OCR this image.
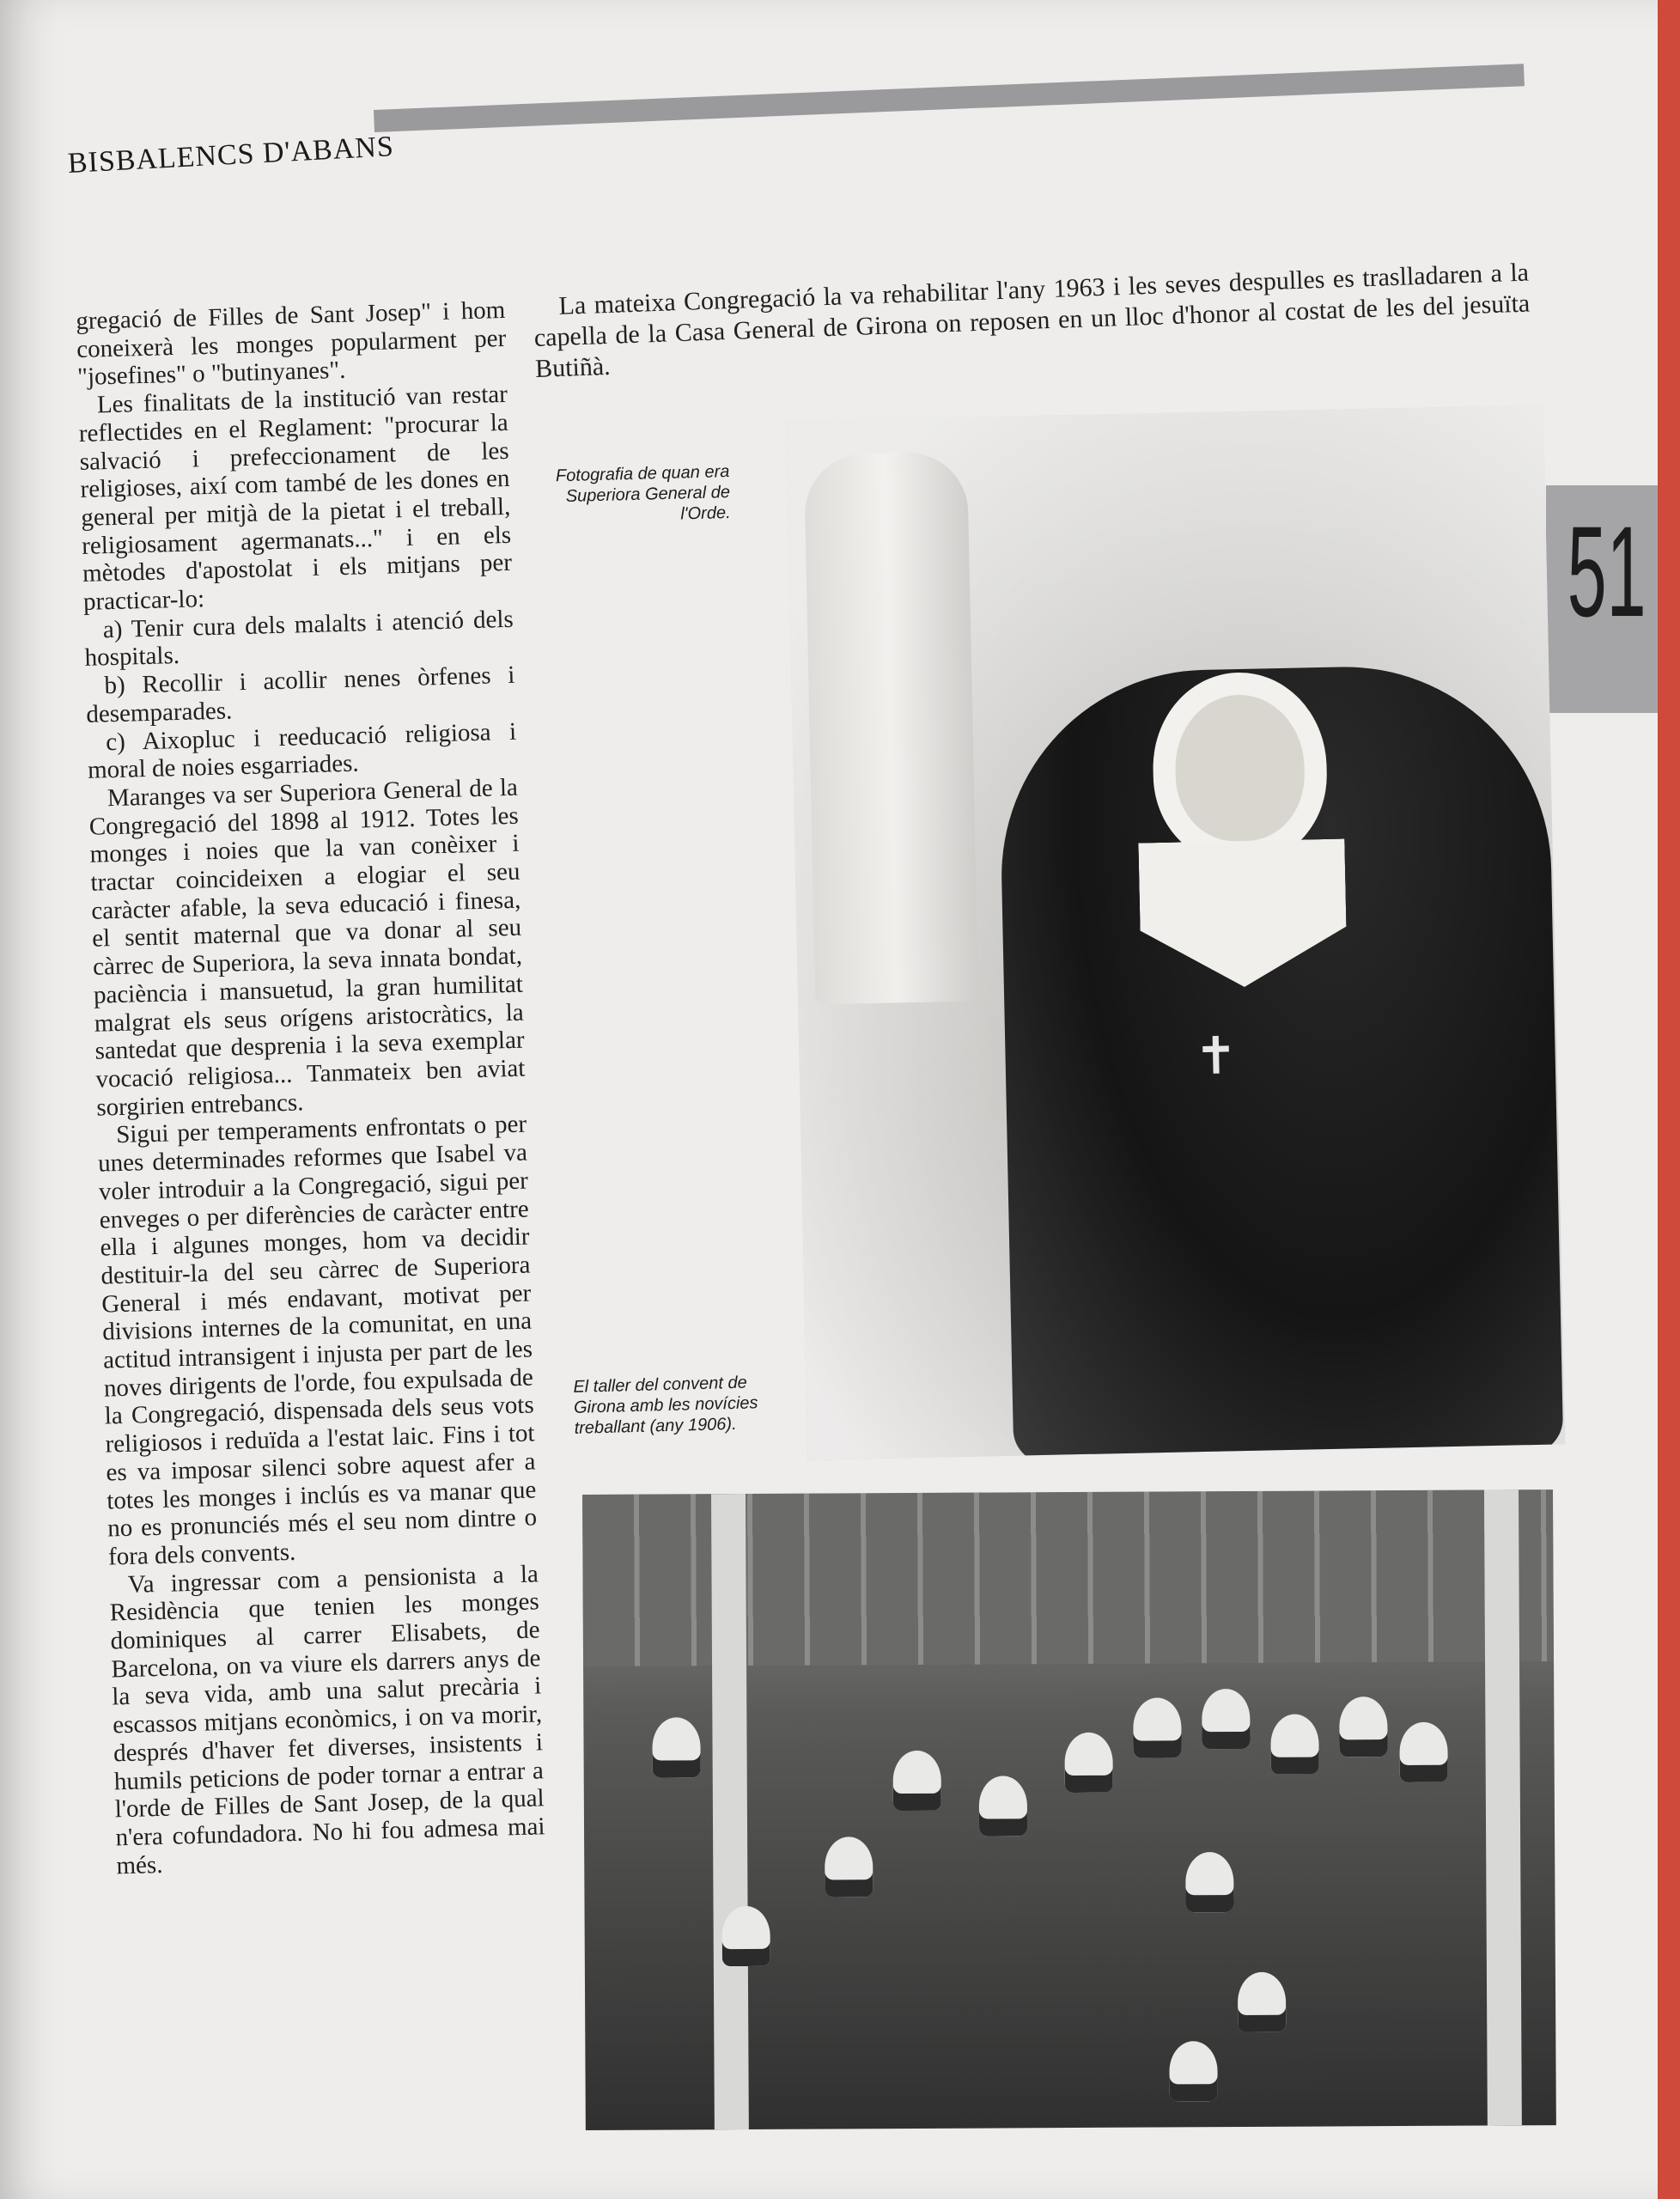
BISBALENCS D'ABANS
51
La mateixa Congregació la va rehabilitar l'any 1963 i les seves despulles es traslladaren a la capella de la Casa General de Girona on reposen en un lloc d'honor al costat de les del jesuïta Butiñà.

gregació de Filles de Sant Josep" i hom coneixerà les monges popularment per "josefines" o "butinyanes".

Les finalitats de la institució van restar reflectides en el Reglament: "procurar la salvació i prefeccionament de les religioses, així com també de les dones en general per mitjà de la pietat i el treball, religiosament agermanats..." i en els mètodes d'apostolat i els mitjans per practicar-lo:

a) Tenir cura dels malalts i atenció dels hospitals.

b) Recollir i acollir nenes òrfenes i desemparades.

c) Aixopluc i reeducació religiosa i moral de noies esgarriades.

Maranges va ser Superiora General de la Congregació del 1898 al 1912. Totes les monges i noies que la van conèixer i tractar coincideixen a elogiar el seu caràcter afable, la seva educació i finesa, el sentit maternal que va donar al seu càrrec de Superiora, la seva innata bondat, paciència i mansuetud, la gran humilitat malgrat els seus orígens aristocràtics, la santedat que desprenia i la seva exemplar vocació religiosa... Tanmateix ben aviat sorgirien entrebancs.

Sigui per temperaments enfrontats o per unes determinades reformes que Isabel va voler introduir a la Congregació, sigui per enveges o per diferències de caràcter entre ella i algunes monges, hom va decidir destituir-la del seu càrrec de Superiora General i més endavant, motivat per divisions internes de la comunitat, en una actitud intransigent i injusta per part de les noves dirigents de l'orde, fou expulsada de la Congregació, dispensada dels seus vots religiosos i reduïda a l'estat laic. Fins i tot es va imposar silenci sobre aquest afer a totes les monges i inclús es va manar que no es pronunciés més el seu nom dintre o fora dels convents.

Va ingressar com a pensionista a la Residència que tenien les monges dominiques al carrer Elisabets, de Barcelona, on va viure els darrers anys de la seva vida, amb una salut precària i escassos mitjans econòmics, i on va morir, després d'haver fet diverses, insistents i humils peticions de poder tornar a entrar a l'orde de Filles de Sant Josep, de la qual n'era cofundadora. No hi fou admesa mai més.

Fotografia de quan era Superiora General de l'Orde.
✝
El taller del convent de Girona amb les novícies treballant (any 1906).
